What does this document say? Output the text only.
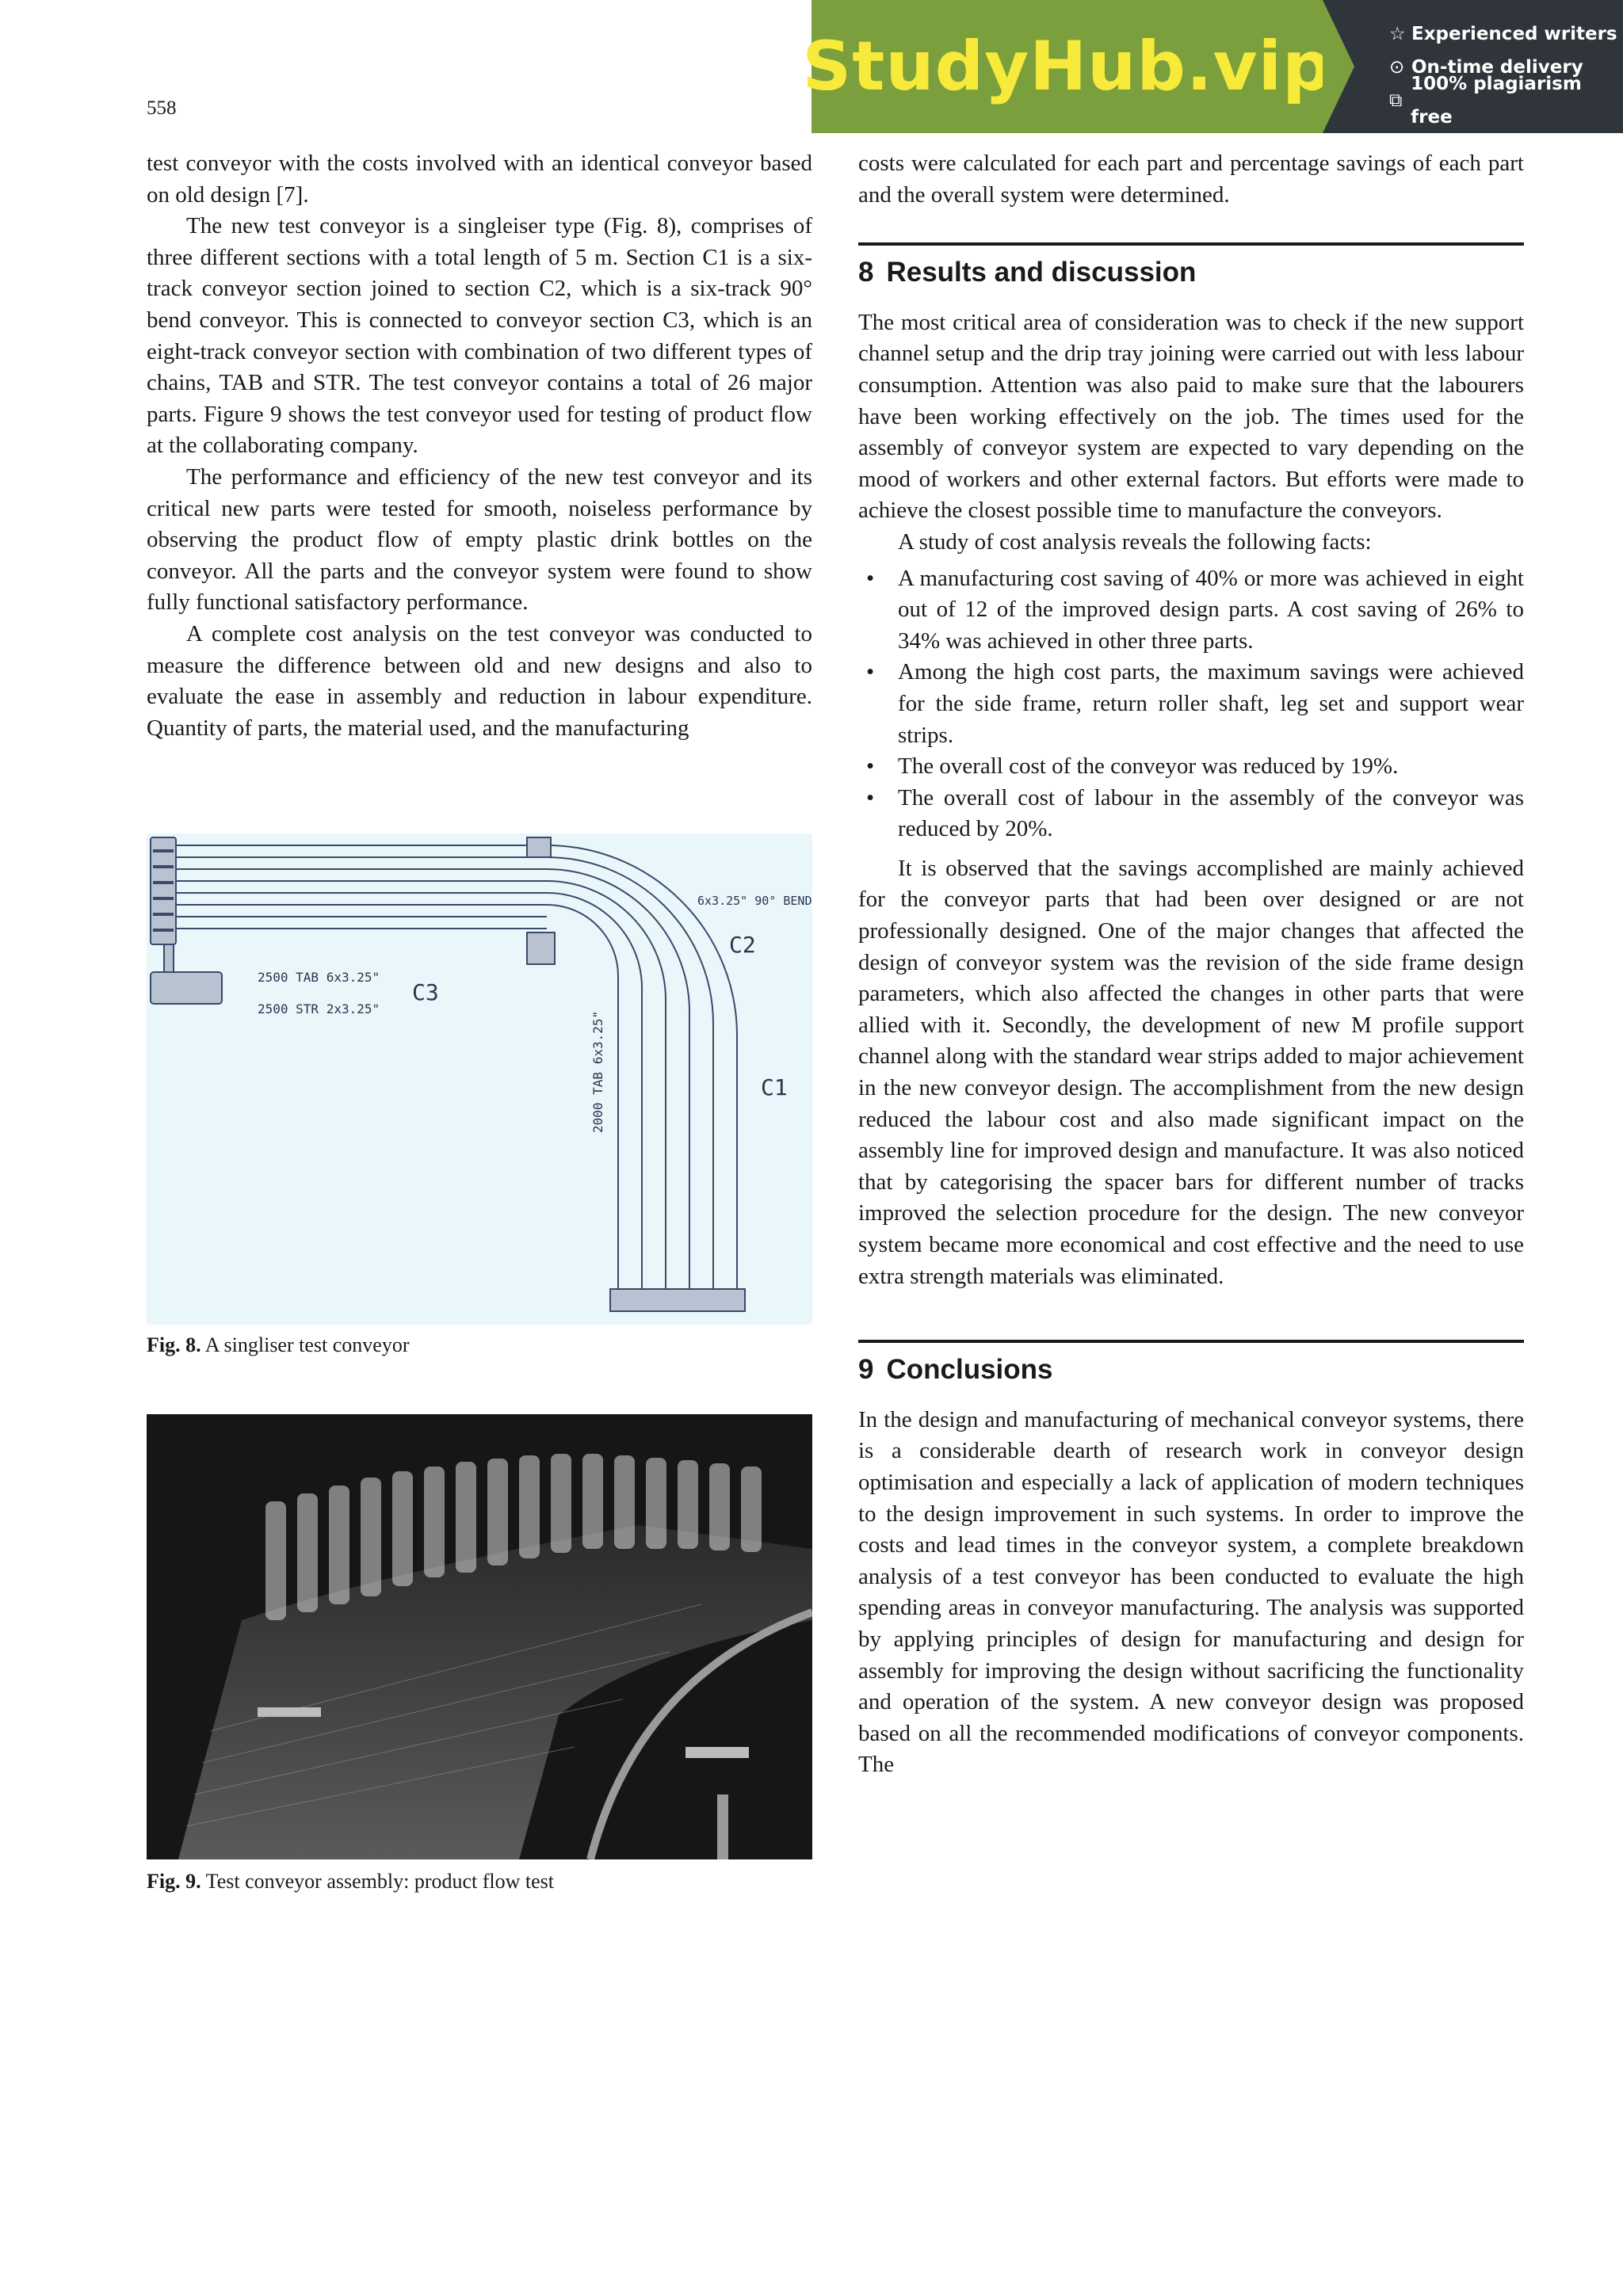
558
StudyHub.vip	☆ Experienced writers
⊙ On-time delivery
⧉
100% plagiarism free

test conveyor with the costs involved with an identical conveyor based on old design [7].

The new test conveyor is a singleiser type (Fig. 8), comprises of three different sections with a total length of 5 m. Section C1 is a six-track conveyor section joined to section C2, which is a six-track 90° bend conveyor. This is connected to conveyor section C3, which is an eight-track conveyor section with combination of two different types of chains, TAB and STR. The test conveyor contains a total of 26 major parts. Figure 9 shows the test conveyor used for testing of product flow at the collaborating company.

The performance and efficiency of the new test conveyor and its critical new parts were tested for smooth, noiseless performance by observing the product flow of empty plastic drink bottles on the conveyor. All the parts and the conveyor system were found to show fully functional satisfactory performance.

A complete cost analysis on the test conveyor was conducted to measure the difference between old and new designs and also to evaluate the ease in assembly and reduction in labour expenditure. Quantity of parts, the material used, and the manufacturing

2500 TAB 6x3.25"
2500 STR 2x3.25"
C3
C2
C1
6x3.25" 90° BEND
2000 TAB 6x3.25"
Fig. 8. A singliser test conveyor
Fig. 9. Test conveyor assembly: product flow test

costs were calculated for each part and percentage savings of each part and the overall system were determined.

8 Results and discussion

The most critical area of consideration was to check if the new support channel setup and the drip tray joining were carried out with less labour consumption. Attention was also paid to make sure that the labourers have been working effectively on the job. The times used for the assembly of conveyor system are expected to vary depending on the mood of workers and other external factors. But efforts were made to achieve the closest possible time to manufacture the conveyors.

A study of cost analysis reveals the following facts:

• A manufacturing cost saving of 40% or more was achieved in eight out of 12 of the improved design parts. A cost saving of 26% to 34% was achieved in other three parts.
• Among the high cost parts, the maximum savings were achieved for the side frame, return roller shaft, leg set and support wear strips.
• The overall cost of the conveyor was reduced by 19%.
• The overall cost of labour in the assembly of the conveyor was reduced by 20%.

It is observed that the savings accomplished are mainly achieved for the conveyor parts that had been over designed or are not professionally designed. One of the major changes that affected the design of conveyor system was the revision of the side frame design parameters, which also affected the changes in other parts that were allied with it. Secondly, the development of new M profile support channel along with the standard wear strips added to major achievement in the new conveyor design. The accomplishment from the new design reduced the labour cost and also made significant impact on the assembly line for improved design and manufacture. It was also noticed that by categorising the spacer bars for different number of tracks improved the selection procedure for the design. The new conveyor system became more economical and cost effective and the need to use extra strength materials was eliminated.

9 Conclusions

In the design and manufacturing of mechanical conveyor systems, there is a considerable dearth of research work in conveyor design optimisation and especially a lack of application of modern techniques to the design improvement in such systems. In order to improve the costs and lead times in the conveyor system, a complete breakdown analysis of a test conveyor has been conducted to evaluate the high spending areas in conveyor manufacturing. The analysis was supported by applying principles of design for manufacturing and design for assembly for improving the design without sacrificing the functionality and operation of the system. A new conveyor design was proposed based on all the recommended modifications of conveyor components. The
